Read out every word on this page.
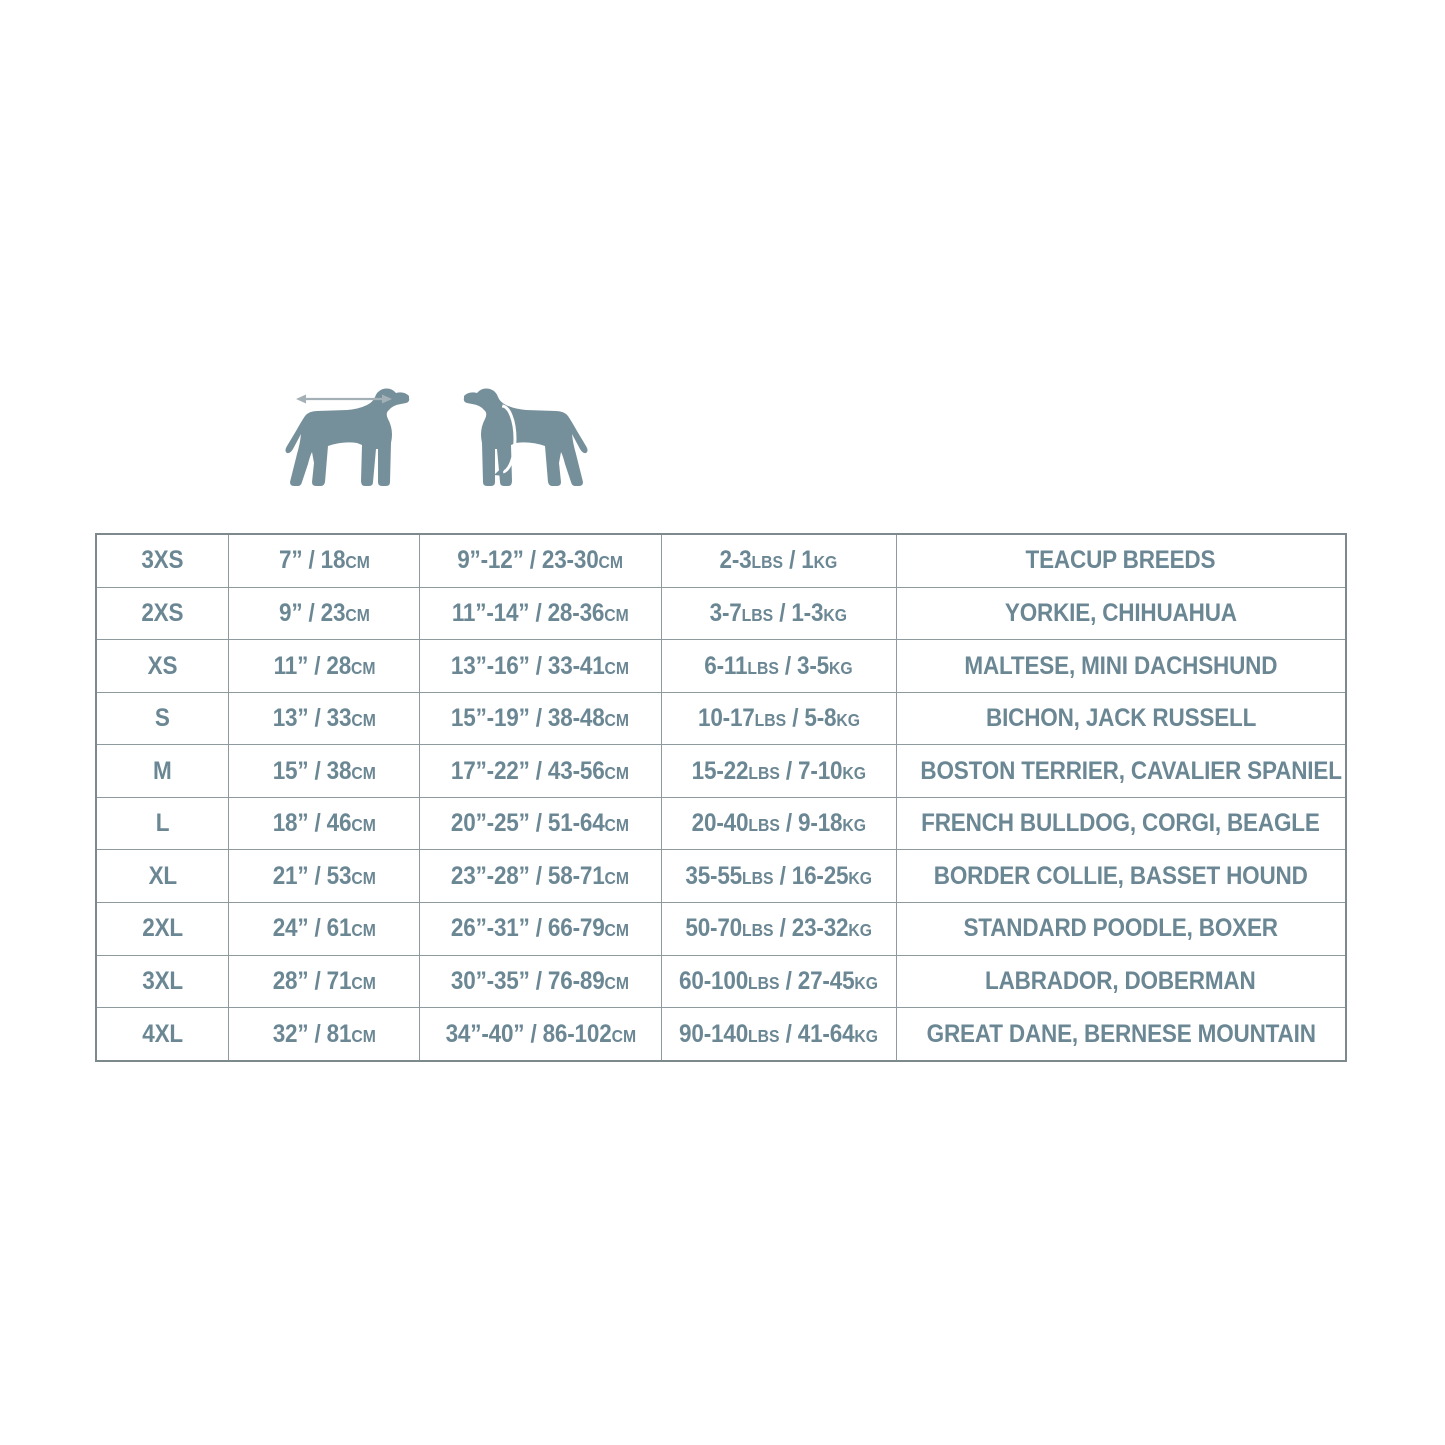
3XS	7” / 18CM	9”-12” / 23-30CM	2-3LBS / 1KG	TEACUP BREEDS
2XS	9” / 23CM	11”-14” / 28-36CM	3-7LBS / 1-3KG	YORKIE, CHIHUAHUA
XS	11” / 28CM	13”-16” / 33-41CM	6-11LBS / 3-5KG	MALTESE, MINI DACHSHUND
S	13” / 33CM	15”-19” / 38-48CM	10-17LBS / 5-8KG	BICHON, JACK RUSSELL
M	15” / 38CM	17”-22” / 43-56CM	15-22LBS / 7-10KG	BOSTON TERRIER, CAVALIER SPANIEL
L	18” / 46CM	20”-25” / 51-64CM	20-40LBS / 9-18KG	FRENCH BULLDOG, CORGI, BEAGLE
XL	21” / 53CM	23”-28” / 58-71CM	35-55LBS / 16-25KG	BORDER COLLIE, BASSET HOUND
2XL	24” / 61CM	26”-31” / 66-79CM	50-70LBS / 23-32KG	STANDARD POODLE, BOXER
3XL	28” / 71CM	30”-35” / 76-89CM	60-100LBS / 27-45KG	LABRADOR, DOBERMAN
4XL	32” / 81CM	34”-40” / 86-102CM	90-140LBS / 41-64KG	GREAT DANE, BERNESE MOUNTAIN
